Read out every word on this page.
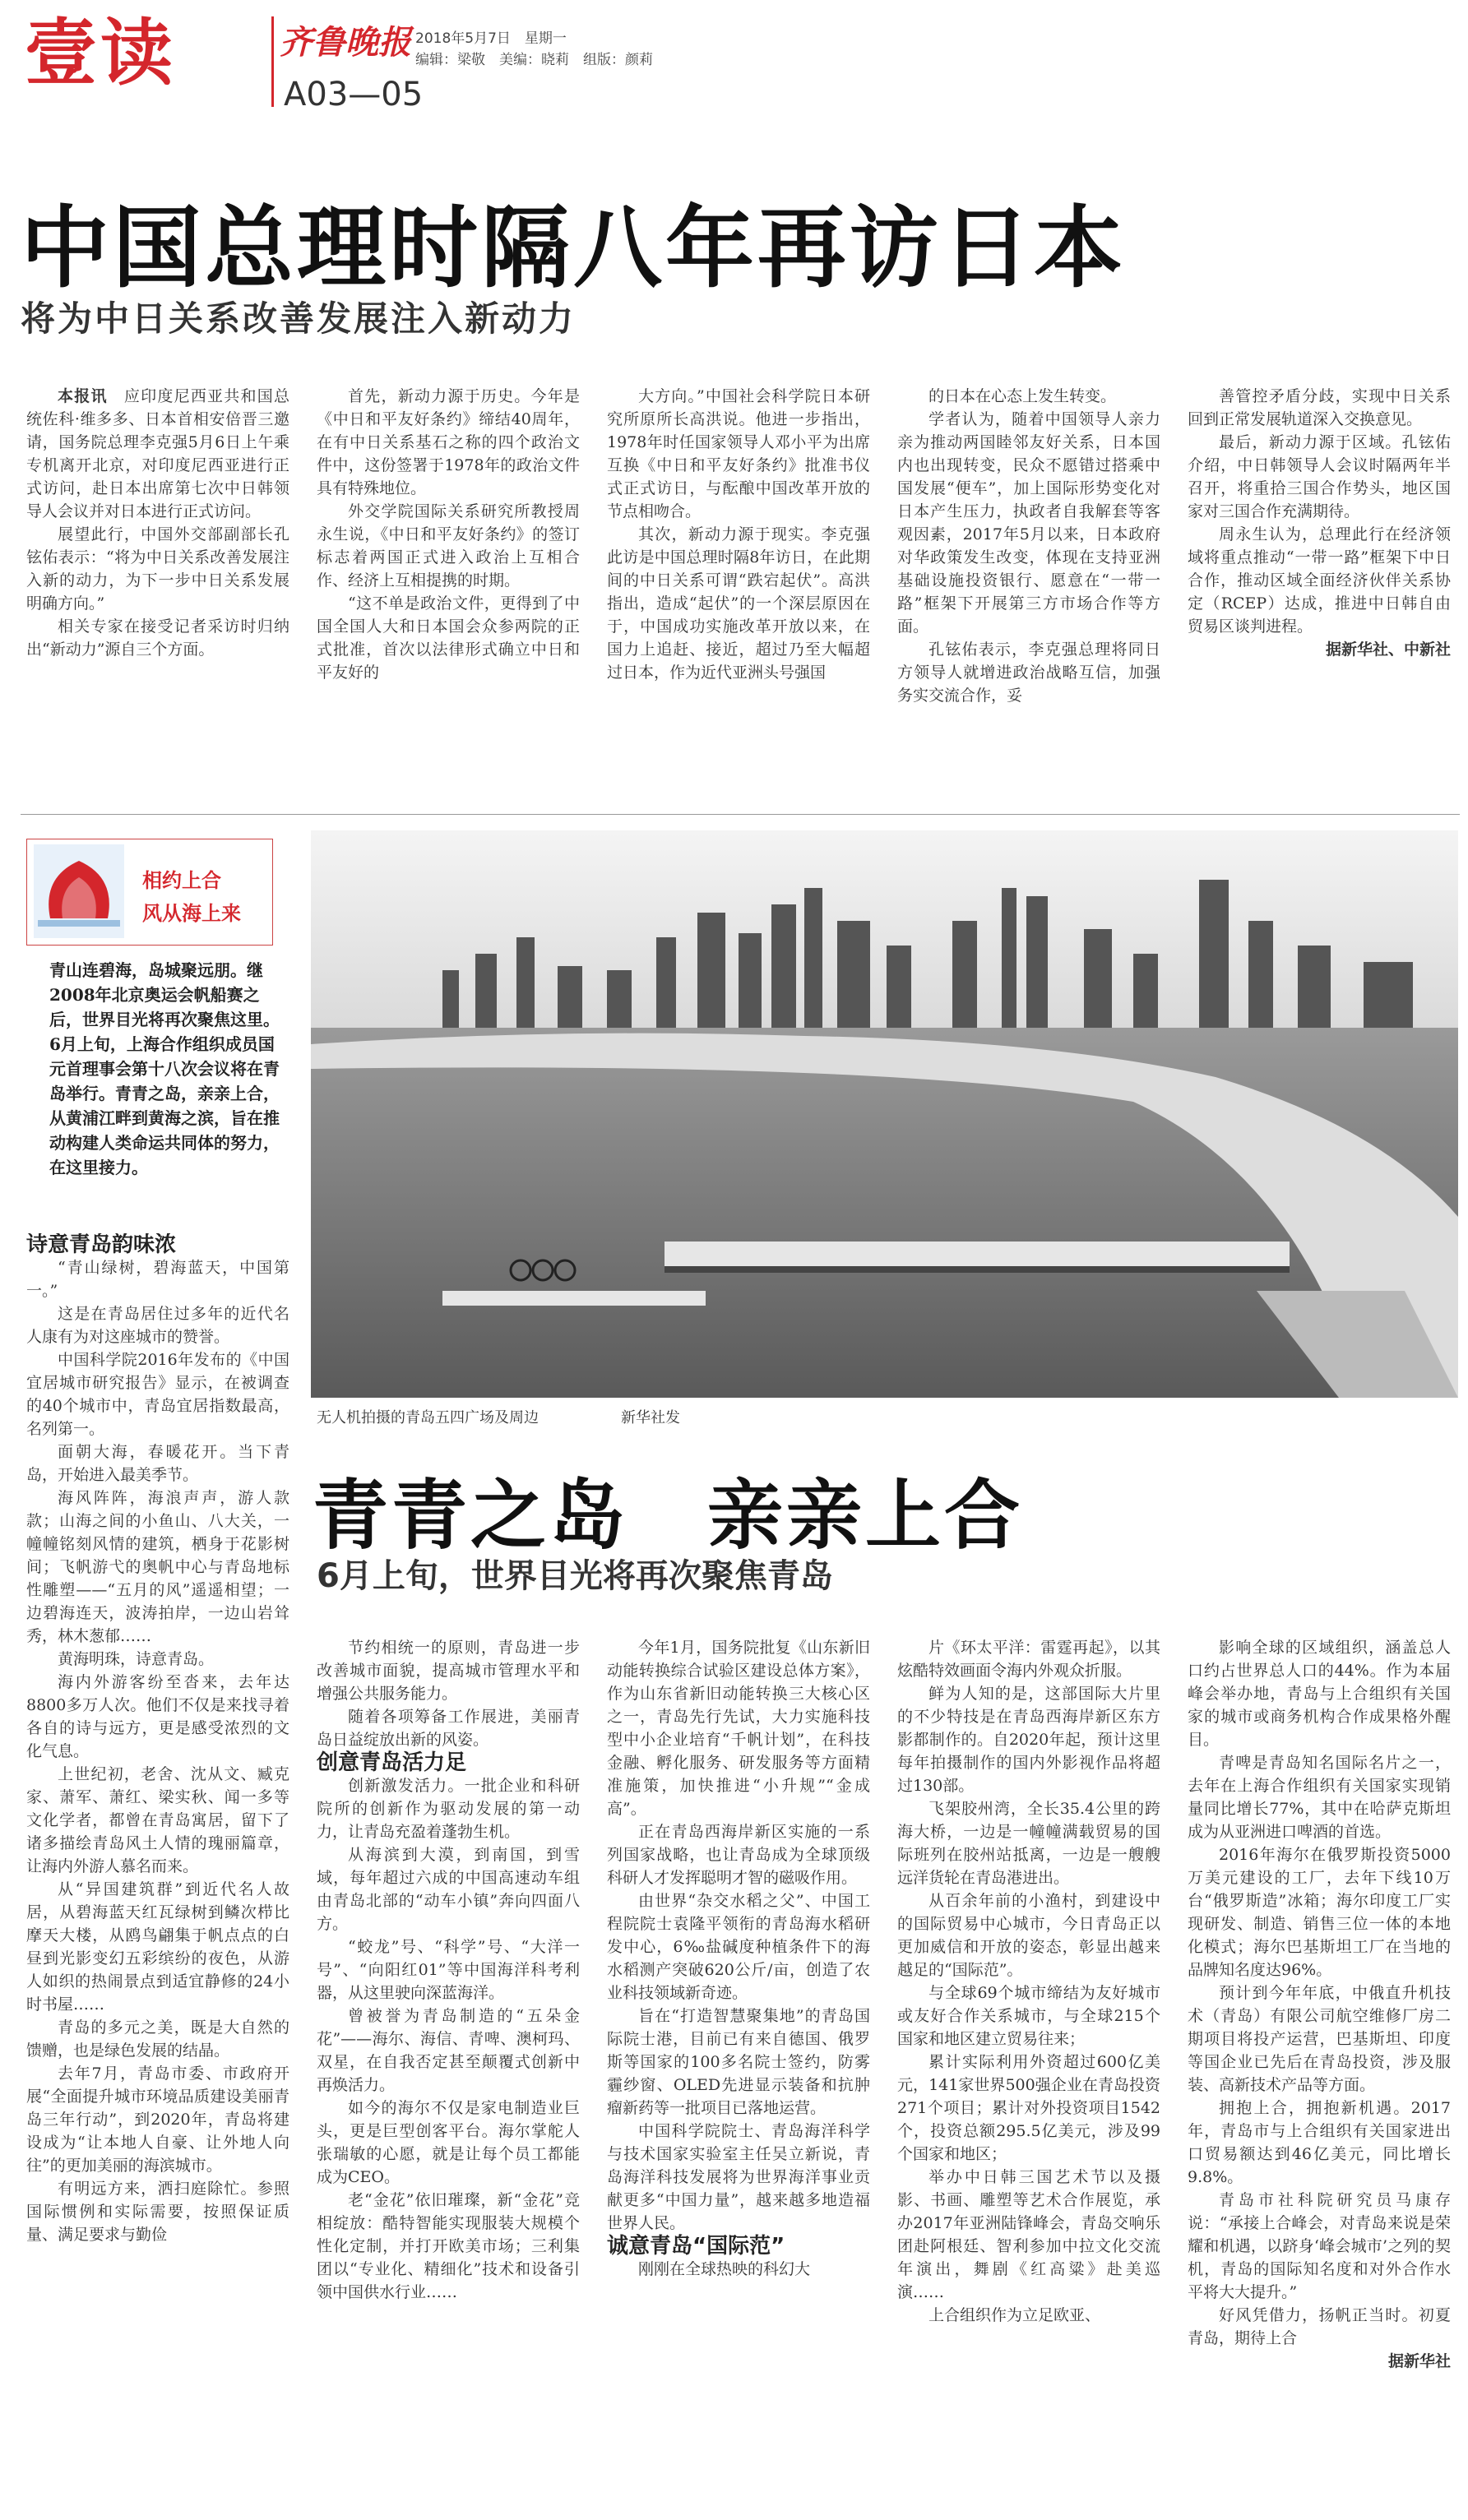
壹读	齐鲁晚报
A03—05
2018年5月7日　星期一
编辑：梁敬　美编：晓莉　组版：颜莉
中国总理时隔八年再访日本
将为中日关系改善发展注入新动力

本报讯　 应印度尼西亚共和国总统佐科·维多多、日本首相安倍晋三邀请，国务院总理李克强5月6日上午乘专机离开北京，对印度尼西亚进行正式访问，赴日本出席第七次中日韩领导人会议并对日本进行正式访问。

展望此行，中国外交部副部长孔铉佑表示：“将为中日关系改善发展注入新的动力，为下一步中日关系发展明确方向。”

相关专家在接受记者采访时归纳出“新动力”源自三个方面。

首先，新动力源于历史。今年是《中日和平友好条约》缔结40周年，在有中日关系基石之称的四个政治文件中，这份签署于1978年的政治文件具有特殊地位。

外交学院国际关系研究所教授周永生说，《中日和平友好条约》的签订标志着两国正式进入政治上互相合作、经济上互相提携的时期。

“这不单是政治文件，更得到了中国全国人大和日本国会众参两院的正式批准，首次以法律形式确立中日和平友好的

大方向。”中国社会科学院日本研究所原所长高洪说。他进一步指出，1978年时任国家领导人邓小平为出席互换《中日和平友好条约》批准书仪式正式访日，与酝酿中国改革开放的节点相吻合。

其次，新动力源于现实。李克强此访是中国总理时隔8年访日，在此期间的中日关系可谓“跌宕起伏”。高洪指出，造成“起伏”的一个深层原因在于，中国成功实施改革开放以来，在国力上追赶、接近，超过乃至大幅超过日本，作为近代亚洲头号强国

的日本在心态上发生转变。

学者认为，随着中国领导人亲力亲为推动两国睦邻友好关系，日本国内也出现转变，民众不愿错过搭乘中国发展“便车”，加上国际形势变化对日本产生压力，执政者自我解套等客观因素，2017年5月以来，日本政府对华政策发生改变，体现在支持亚洲基础设施投资银行、愿意在“一带一路”框架下开展第三方市场合作等方面。

孔铉佑表示，李克强总理将同日方领导人就增进政治战略互信，加强务实交流合作，妥

善管控矛盾分歧，实现中日关系回到正常发展轨道深入交换意见。

最后，新动力源于区域。孔铉佑介绍，中日韩领导人会议时隔两年半召开，将重拾三国合作势头，地区国家对三国合作充满期待。

周永生认为，总理此行在经济领域将重点推动“一带一路”框架下中日合作，推动区域全面经济伙伴关系协定（RCEP）达成，推进中日韩自由贸易区谈判进程。

据新华社、中新社
相约上合
风从海上来
青山连碧海，岛城聚远朋。继2008年北京奥运会帆船赛之后，世界目光将再次聚焦这里。6月上旬，上海合作组织成员国元首理事会第十八次会议将在青岛举行。青青之岛，亲亲上合，从黄浦江畔到黄海之滨，旨在推动构建人类命运共同体的努力，在这里接力。
无人机拍摄的青岛五四广场及周边	新华社发
青青之岛　亲亲上合
6月上旬，世界目光将再次聚焦青岛

诗意青岛韵味浓

“青山绿树，碧海蓝天，中国第一。”

这是在青岛居住过多年的近代名人康有为对这座城市的赞誉。

中国科学院2016年发布的《中国宜居城市研究报告》显示，在被调查的40个城市中，青岛宜居指数最高，名列第一。

面朝大海，春暖花开。当下青岛，开始进入最美季节。

海风阵阵，海浪声声，游人款款；山海之间的小鱼山、八大关，一幢幢铭刻风情的建筑，栖身于花影树间；飞帆游弋的奥帆中心与青岛地标性雕塑——“五月的风”遥遥相望；一边碧海连天，波涛拍岸，一边山岩耸秀，林木葱郁……

黄海明珠，诗意青岛。

海内外游客纷至沓来，去年达8800多万人次。他们不仅是来找寻着各自的诗与远方，更是感受浓烈的文化气息。

上世纪初，老舍、沈从文、臧克家、萧军、萧红、梁实秋、闻一多等文化学者，都曾在青岛寓居，留下了诸多描绘青岛风土人情的瑰丽篇章，让海内外游人慕名而来。

从“异国建筑群”到近代名人故居，从碧海蓝天红瓦绿树到鳞次栉比摩天大楼，从鸥鸟翩集于帆点点的白昼到光影变幻五彩缤纷的夜色，从游人如织的热闹景点到适宜静修的24小时书屋……

青岛的多元之美，既是大自然的馈赠，也是绿色发展的结晶。

去年7月，青岛市委、市政府开展“全面提升城市环境品质建设美丽青岛三年行动”，到2020年，青岛将建设成为“让本地人自豪、让外地人向往”的更加美丽的海滨城市。

有明远方来，洒扫庭除忙。参照国际惯例和实际需要，按照保证质量、满足要求与勤俭

节约相统一的原则，青岛进一步改善城市面貌，提高城市管理水平和增强公共服务能力。

随着各项筹备工作展进，美丽青岛日益绽放出新的风姿。

创意青岛活力足

创新激发活力。一批企业和科研院所的创新作为驱动发展的第一动力，让青岛充盈着蓬勃生机。

从海滨到大漠，到南国，到雪域，每年超过六成的中国高速动车组由青岛北部的“动车小镇”奔向四面八方。

“蛟龙”号、“科学”号、“大洋一号”、“向阳红01”等中国海洋科考利器，从这里驶向深蓝海洋。

曾被誉为青岛制造的“五朵金花”——海尔、海信、青啤、澳柯玛、双星，在自我否定甚至颠覆式创新中再焕活力。

如今的海尔不仅是家电制造业巨头，更是巨型创客平台。海尔掌舵人张瑞敏的心愿，就是让每个员工都能成为CEO。

老“金花”依旧璀璨，新“金花”竞相绽放：酷特智能实现服装大规模个性化定制，并打开欧美市场；三利集团以“专业化、精细化”技术和设备引领中国供水行业……

今年1月，国务院批复《山东新旧动能转换综合试验区建设总体方案》，作为山东省新旧动能转换三大核心区之一，青岛先行先试，大力实施科技型中小企业培育“千帆计划”，在科技金融、孵化服务、研发服务等方面精准施策，加快推进“小升规”“金成高”。

正在青岛西海岸新区实施的一系列国家战略，也让青岛成为全球顶级科研人才发挥聪明才智的磁吸作用。

由世界“杂交水稻之父”、中国工程院院士袁隆平领衔的青岛海水稻研发中心，6‰盐碱度种植条件下的海水稻测产突破620公斤/亩，创造了农业科技领域新奇迹。

旨在“打造智慧聚集地”的青岛国际院士港，目前已有来自德国、俄罗斯等国家的100多名院士签约，防雾霾纱窗、OLED先进显示装备和抗肿瘤新药等一批项目已落地运营。

中国科学院院士、青岛海洋科学与技术国家实验室主任吴立新说，青岛海洋科技发展将为世界海洋事业贡献更多“中国力量”，越来越多地造福世界人民。

诚意青岛“国际范”

刚刚在全球热映的科幻大

片《环太平洋：雷霆再起》，以其炫酷特效画面令海内外观众折服。

鲜为人知的是，这部国际大片里的不少特技是在青岛西海岸新区东方影都制作的。自2020年起，预计这里每年拍摄制作的国内外影视作品将超过130部。

飞架胶州湾，全长35.4公里的跨海大桥，一边是一幢幢满载贸易的国际班列在胶州站抵离，一边是一艘艘远洋货轮在青岛港进出。

从百余年前的小渔村，到建设中的国际贸易中心城市，今日青岛正以更加威信和开放的姿态，彰显出越来越足的“国际范”。

与全球69个城市缔结为友好城市或友好合作关系城市，与全球215个国家和地区建立贸易往来；

累计实际利用外资超过600亿美元，141家世界500强企业在青岛投资271个项目；累计对外投资项目1542个，投资总额295.5亿美元，涉及99个国家和地区；

举办中日韩三国艺术节以及摄影、书画、雕塑等艺术合作展览，承办2017年亚洲陆锋峰会，青岛交响乐团赴阿根廷、智利参加中拉文化交流年演出，舞剧《红高粱》赴美巡演……

上合组织作为立足欧亚、

影响全球的区域组织，涵盖总人口约占世界总人口的44%。作为本届峰会举办地，青岛与上合组织有关国家的城市或商务机构合作成果格外醒目。

青啤是青岛知名国际名片之一，去年在上海合作组织有关国家实现销量同比增长77%，其中在哈萨克斯坦成为从亚洲进口啤酒的首选。

2016年海尔在俄罗斯投资5000万美元建设的工厂，去年下线10万台“俄罗斯造”冰箱；海尔印度工厂实现研发、制造、销售三位一体的本地化模式；海尔巴基斯坦工厂在当地的品牌知名度达96%。

预计到今年年底，中俄直升机技术（青岛）有限公司航空维修厂房二期项目将投产运营，巴基斯坦、印度等国企业已先后在青岛投资，涉及服装、高新技术产品等方面。

拥抱上合，拥抱新机遇。2017年，青岛市与上合组织有关国家进出口贸易额达到46亿美元，同比增长9.8%。

青岛市社科院研究员马康存说：“承接上合峰会，对青岛来说是荣耀和机遇，以跻身‘峰会城市’之列的契机，青岛的国际知名度和对外合作水平将大大提升。”

好风凭借力，扬帆正当时。初夏青岛，期待上合

据新华社
